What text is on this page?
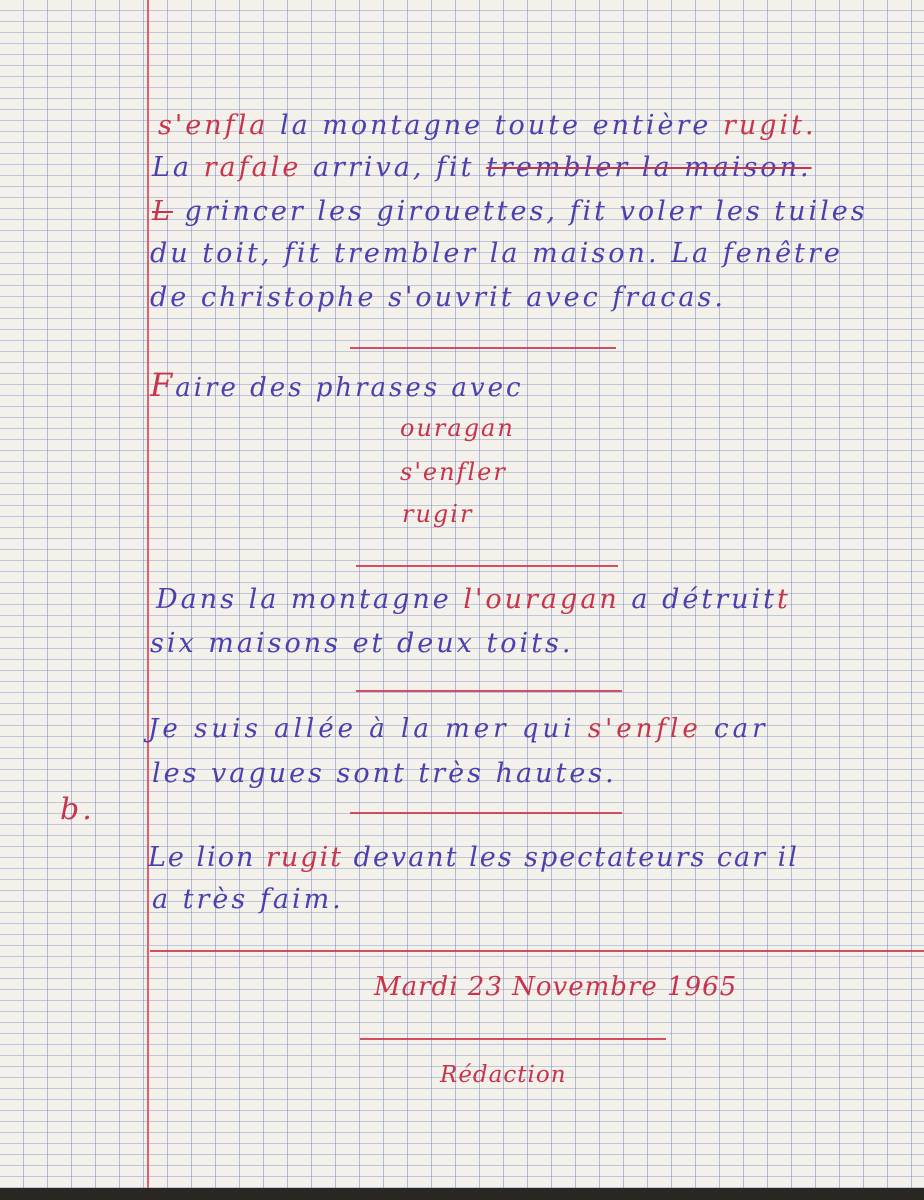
s'enfla la montagne toute entière rugit.
La rafale arriva, fit trembler la maison.
L grincer les girouettes, fit voler les tuiles
du toit, fit trembler la maison. La fenêtre
de christophe s'ouvrit avec fracas.
Faire des phrases avec
ouragan
s'enfler
rugir
Dans la montagne l'ouragan a détruitt
six maisons et deux toits.
Je suis allée à la mer qui s'enfle car
les vagues sont très hautes.
b.
Le lion rugit devant les spectateurs car il
a très faim.
Mardi 23 Novembre 1965
Rédaction
